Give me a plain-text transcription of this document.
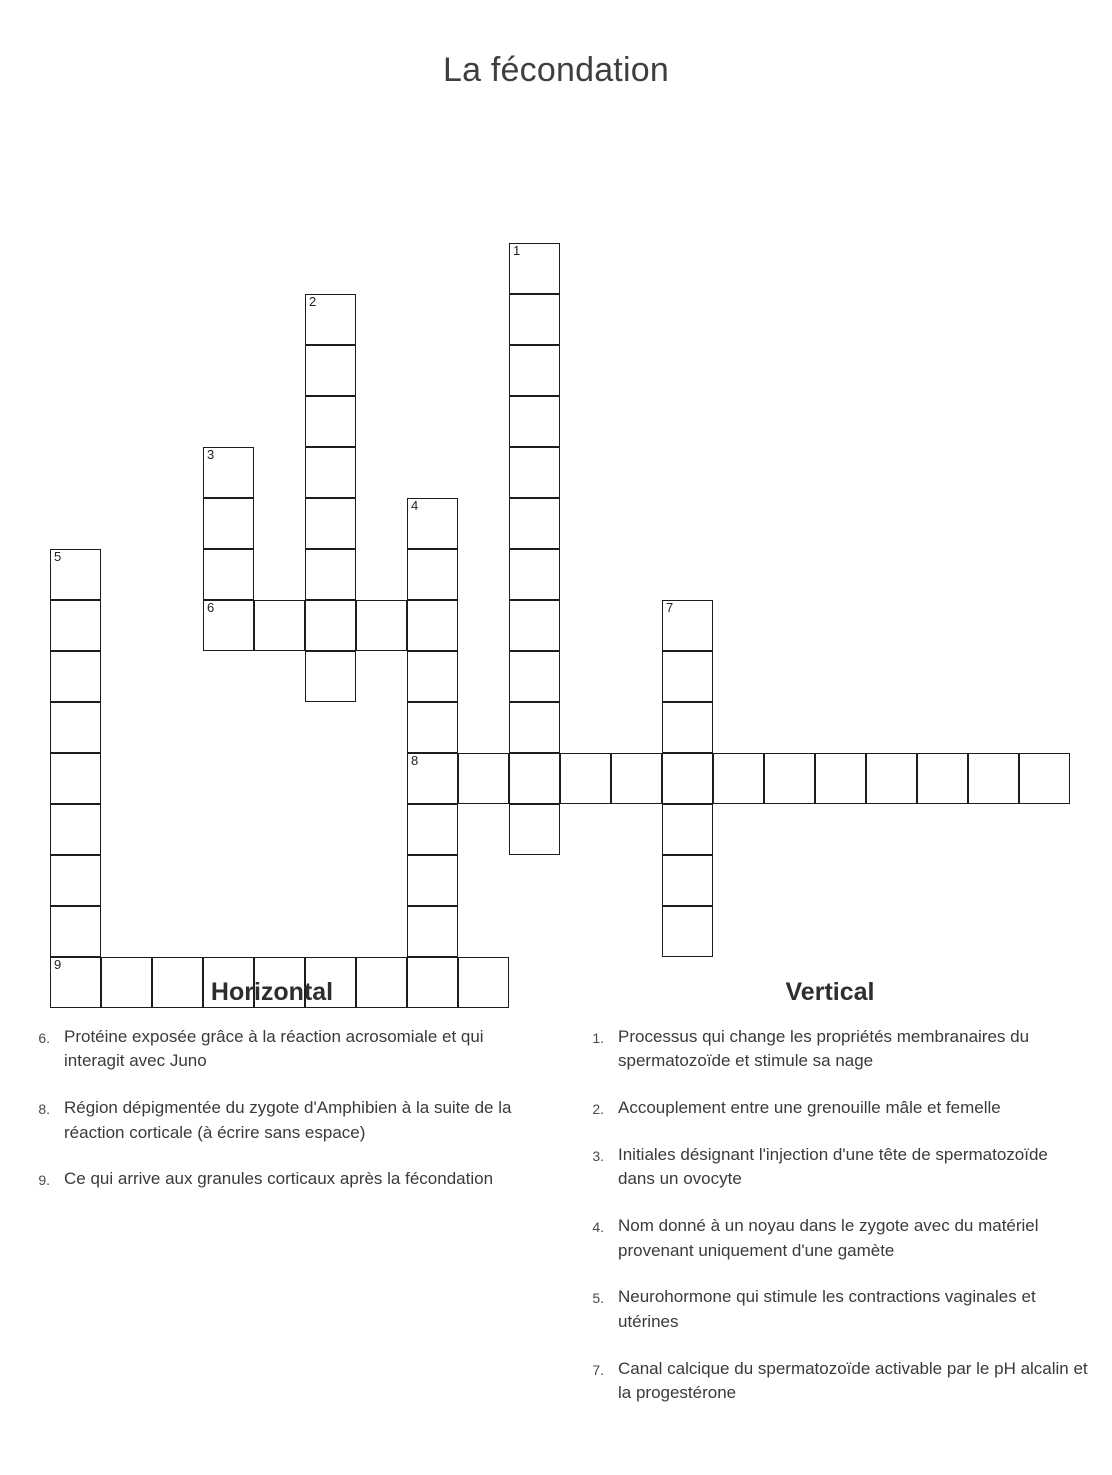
La fécondation
1
2
3
6
4
8
5
9
7
Horizontal
6. Protéine exposée grâce à la réaction acrosomiale et qui interagit avec Juno
8. Région dépigmentée du zygote d'Amphibien à la suite de la réaction corticale (à écrire sans espace)
9. Ce qui arrive aux granules corticaux après la fécondation
Vertical
1. Processus qui change les propriétés membranaires du spermatozoïde et stimule sa nage
2. Accouplement entre une grenouille mâle et femelle
3. Initiales désignant l'injection d'une tête de spermatozoïde dans un ovocyte
4. Nom donné à un noyau dans le zygote avec du matériel provenant uniquement d'une gamète
5. Neurohormone qui stimule les contractions vaginales et utérines
7. Canal calcique du spermatozoïde activable par le pH alcalin et la progestérone
